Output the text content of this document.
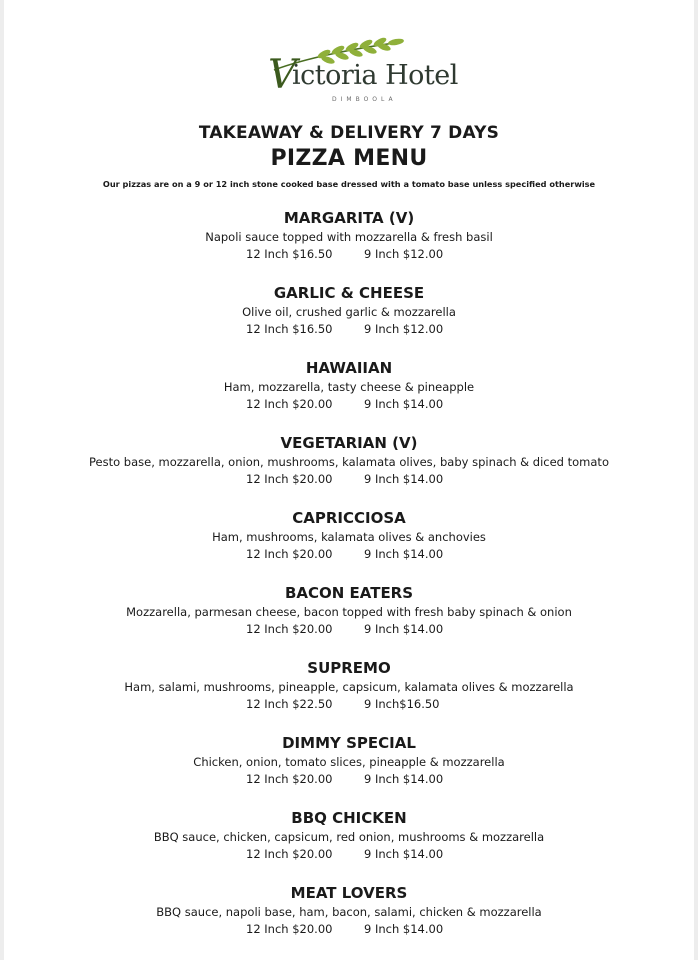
V
ictoria Hotel
DIMBOOLA
TAKEAWAY & DELIVERY 7 DAYS
PIZZA MENU
Our pizzas are on a 9 or 12 inch stone cooked base dressed with a tomato base unless specified otherwise
MARGARITA (V)
Napoli sauce topped with mozzarella & fresh basil
12 Inch $16.50	9 Inch $12.00
GARLIC & CHEESE
Olive oil, crushed garlic & mozzarella
12 Inch $16.50	9 Inch $12.00
HAWAIIAN
Ham, mozzarella, tasty cheese & pineapple
12 Inch $20.00	9 Inch $14.00
VEGETARIAN (V)
Pesto base, mozzarella, onion, mushrooms, kalamata olives, baby spinach & diced tomato
12 Inch $20.00	9 Inch $14.00
CAPRICCIOSA
Ham, mushrooms, kalamata olives & anchovies
12 Inch $20.00	9 Inch $14.00
BACON EATERS
Mozzarella, parmesan cheese, bacon topped with fresh baby spinach & onion
12 Inch $20.00	9 Inch $14.00
SUPREMO
Ham, salami, mushrooms, pineapple, capsicum, kalamata olives & mozzarella
12 Inch $22.50	9 Inch$16.50
DIMMY SPECIAL
Chicken, onion, tomato slices, pineapple & mozzarella
12 Inch $20.00	9 Inch $14.00
BBQ CHICKEN
BBQ sauce, chicken, capsicum, red onion, mushrooms & mozzarella
12 Inch $20.00	9 Inch $14.00
MEAT LOVERS
BBQ sauce, napoli base, ham, bacon, salami, chicken & mozzarella
12 Inch $20.00	9 Inch $14.00
